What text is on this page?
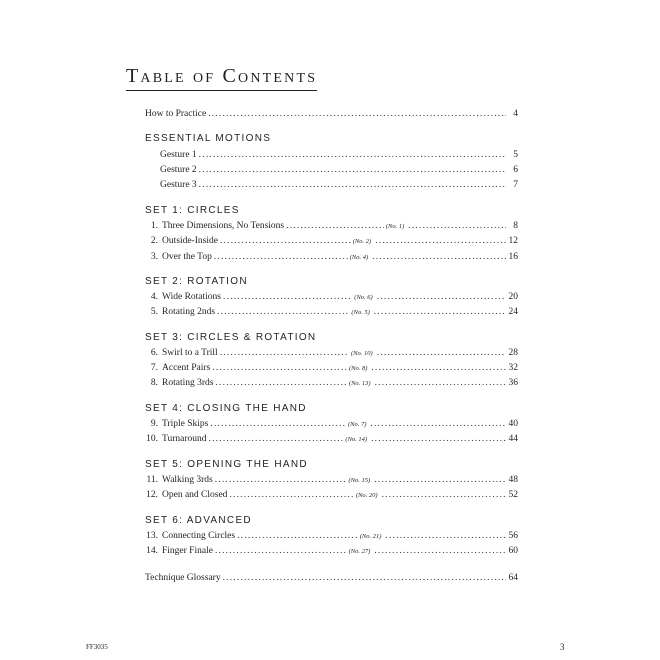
Table of Contents
How to Practice .....	4
ESSENTIAL MOTIONS
Gesture 1 .....	5
Gesture 2 .....	6
Gesture 3 .....	7
SET 1: CIRCLES
1. Three Dimensions, No Tensions .....	(No. 1) .....	8
2. Outside-Inside .....	(No. 2) .....	12
3. Over the Top .....	(No. 4) .....	16
SET 2: ROTATION
4. Wide Rotations .....	(No. 6) .....	20
5. Rotating 2nds .....	(No. 5) .....	24
SET 3: CIRCLES & ROTATION
6. Swirl to a Trill .....	(No. 10) .....	28
7. Accent Pairs .....	(No. 8) .....	32
8. Rotating 3rds .....	(No. 13) .....	36
SET 4: CLOSING THE HAND
9. Triple Skips .....	(No. 7) .....	40
10. Turnaround .....	(No. 14) .....	44
SET 5: OPENING THE HAND
11. Walking 3rds .....	(No. 15) .....	48
12. Open and Closed .....	(No. 20) .....	52
SET 6: ADVANCED
13. Connecting Circles .....	(No. 21) .....	56
14. Finger Finale .....	(No. 27) .....	60
Technique Glossary .....	64
FF3035	3
